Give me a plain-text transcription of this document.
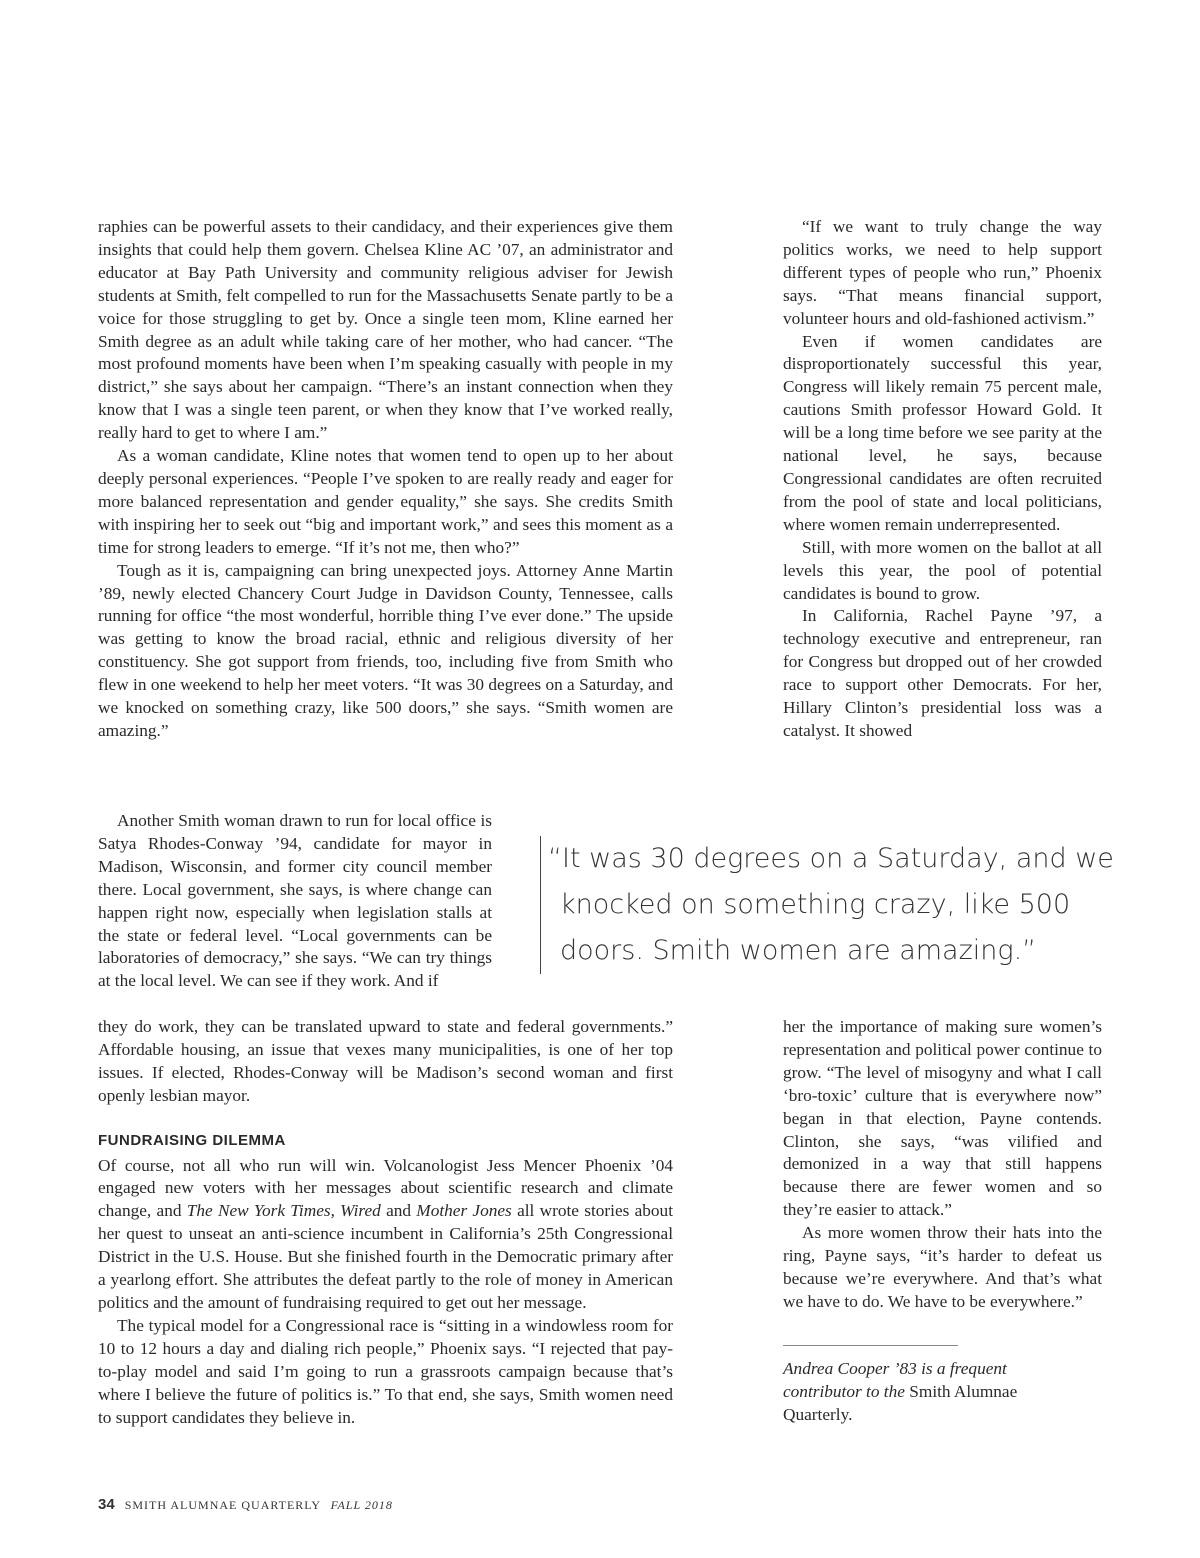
raphies can be powerful assets to their candidacy, and their experiences give them insights that could help them govern. Chelsea Kline AC ’07, an administrator and educator at Bay Path University and community religious adviser for Jewish students at Smith, felt compelled to run for the Massachusetts Senate partly to be a voice for those struggling to get by. Once a single teen mom, Kline earned her Smith degree as an adult while taking care of her mother, who had cancer. “The most profound moments have been when I’m speaking casually with people in my district,” she says about her campaign. “There’s an instant connection when they know that I was a single teen parent, or when they know that I’ve worked really, really hard to get to where I am.”

As a woman candidate, Kline notes that women tend to open up to her about deeply personal experiences. “People I’ve spoken to are really ready and eager for more balanced representation and gender equality,” she says. She credits Smith with inspiring her to seek out “big and important work,” and sees this moment as a time for strong leaders to emerge. “If it’s not me, then who?”

Tough as it is, campaigning can bring unexpected joys. Attorney Anne Martin ’89, newly elected Chancery Court Judge in Davidson County, Tennessee, calls running for office “the most wonderful, horrible thing I’ve ever done.” The upside was getting to know the broad racial, ethnic and religious diversity of her constituency. She got support from friends, too, including five from Smith who flew in one weekend to help her meet voters. “It was 30 degrees on a Saturday, and we knocked on something crazy, like 500 doors,” she says. “Smith women are amazing.”

Another Smith woman drawn to run for local office is Satya Rhodes-Conway ’94, candidate for mayor in Madison, Wisconsin, and former city council member there. Local government, she says, is where change can happen right now, especially when legislation stalls at the state or federal level. “Local governments can be laboratories of democracy,” she says. “We can try things at the local level. We can see if they work. And if

“It was 30 degrees on a Saturday, and we
knocked on something crazy, like 500
doors. Smith women are amazing.”

they do work, they can be translated upward to state and federal governments.” Affordable housing, an issue that vexes many municipalities, is one of her top issues. If elected, Rhodes-Conway will be Madison’s second woman and first openly lesbian mayor.

FUNDRAISING DILEMMA

Of course, not all who run will win. Volcanologist Jess Mencer Phoenix ’04 engaged new voters with her messages about scientific research and climate change, and The New York Times, Wired and Mother Jones all wrote stories about her quest to unseat an anti-science incumbent in California’s 25th Congressional District in the U.S. House. But she finished fourth in the Democratic primary after a yearlong effort. She attributes the defeat partly to the role of money in American politics and the amount of fundraising required to get out her message.

The typical model for a Congressional race is “sitting in a windowless room for 10 to 12 hours a day and dialing rich people,” Phoenix says. “I rejected that pay-to-play model and said I’m going to run a grassroots campaign because that’s where I believe the future of politics is.” To that end, she says, Smith women need to support candidates they believe in.

“If we want to truly change the way politics works, we need to help support different types of people who run,” Phoenix says. “That means financial support, volunteer hours and old-fashioned activism.”

Even if women candidates are disproportionately successful this year, Congress will likely remain 75 percent male, cautions Smith professor Howard Gold. It will be a long time before we see parity at the national level, he says, because Congressional candidates are often recruited from the pool of state and local politicians, where women remain underrepresented.

Still, with more women on the ballot at all levels this year, the pool of potential candidates is bound to grow.

In California, Rachel Payne ’97, a technology executive and entrepreneur, ran for Congress but dropped out of her crowded race to support other Democrats. For her, Hillary Clinton’s presidential loss was a catalyst. It showed

her the importance of making sure women’s representation and political power continue to grow. “The level of misogyny and what I call ‘bro-toxic’ culture that is everywhere now” began in that election, Payne contends. Clinton, she says, “was vilified and demonized in a way that still happens because there are fewer women and so they’re easier to attack.”

As more women throw their hats into the ring, Payne says, “it’s harder to defeat us because we’re everywhere. And that’s what we have to do. We have to be everywhere.”

Andrea Cooper ’83 is a frequent contributor to the Smith Alumnae Quarterly.
34 SMITH ALUMNAE QUARTERLY FALL 2018
